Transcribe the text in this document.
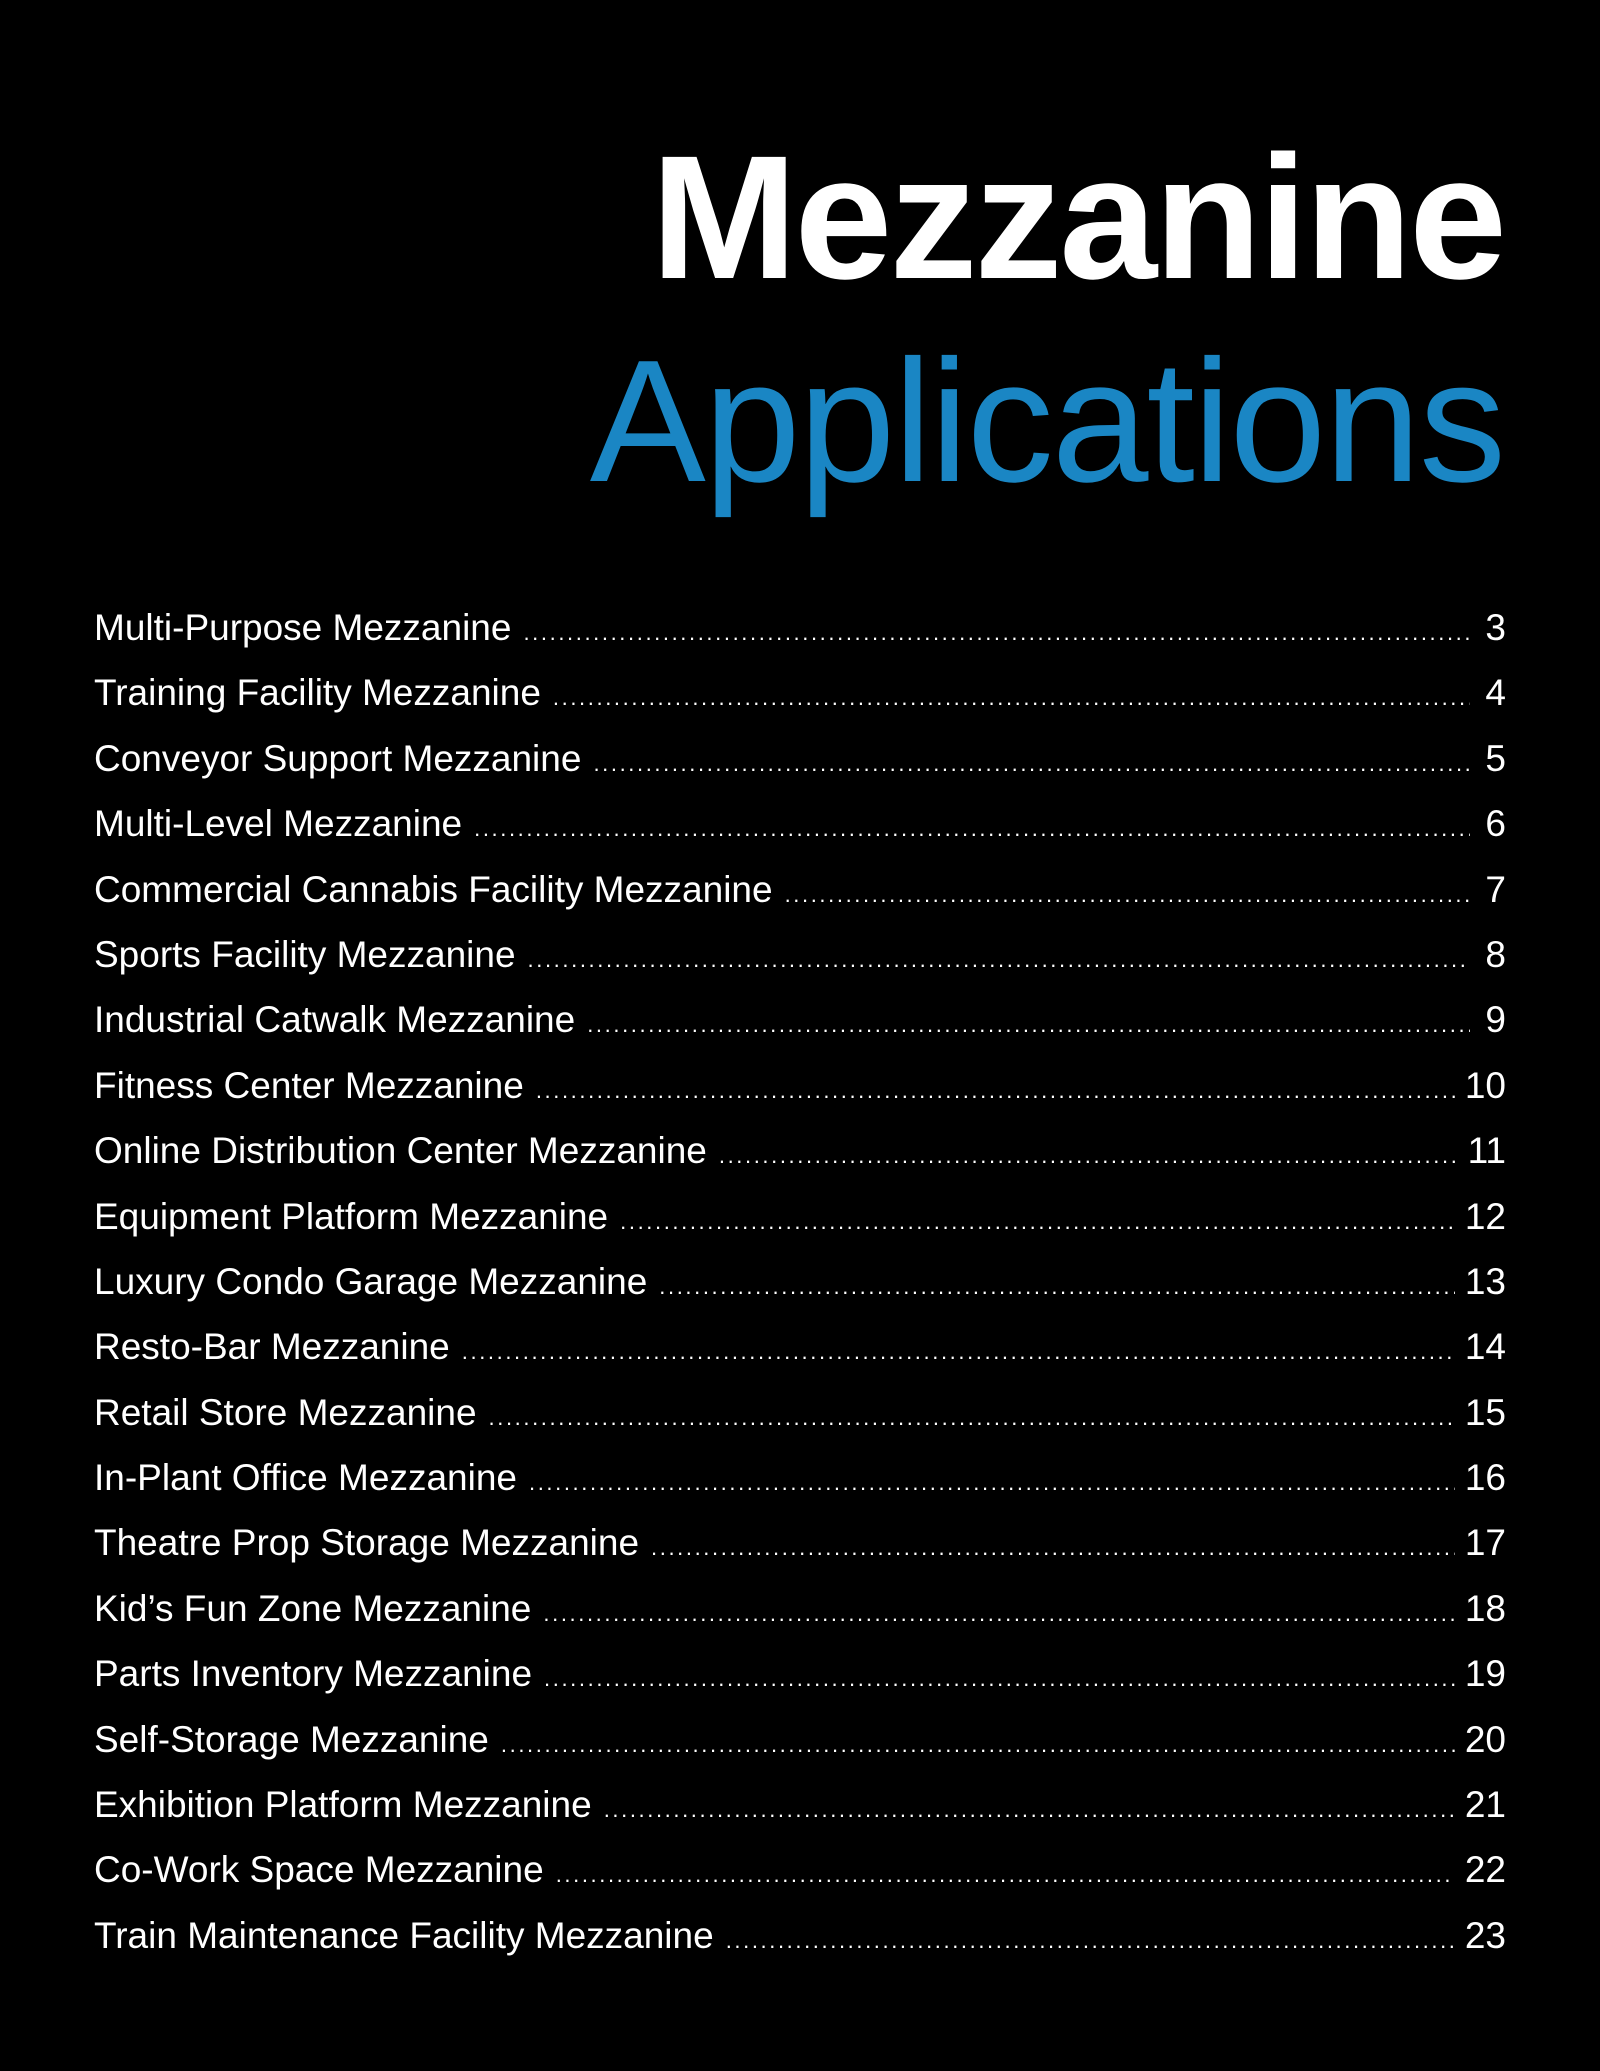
Mezzanine
Applications
Multi-Purpose Mezzanine .....	3
Training Facility Mezzanine .....	4
Conveyor Support Mezzanine .....	5
Multi-Level Mezzanine .....	6
Commercial Cannabis Facility Mezzanine .....	7
Sports Facility Mezzanine .....	8
Industrial Catwalk Mezzanine .....	9
Fitness Center Mezzanine .....	10
Online Distribution Center Mezzanine .....	11
Equipment Platform Mezzanine .....	12
Luxury Condo Garage Mezzanine .....	13
Resto-Bar Mezzanine .....	14
Retail Store Mezzanine .....	15
In-Plant Office Mezzanine .....	16
Theatre Prop Storage Mezzanine .....	17
Kid’s Fun Zone Mezzanine .....	18
Parts Inventory Mezzanine .....	19
Self-Storage Mezzanine .....	20
Exhibition Platform Mezzanine .....	21
Co-Work Space Mezzanine .....	22
Train Maintenance Facility Mezzanine .....	23
